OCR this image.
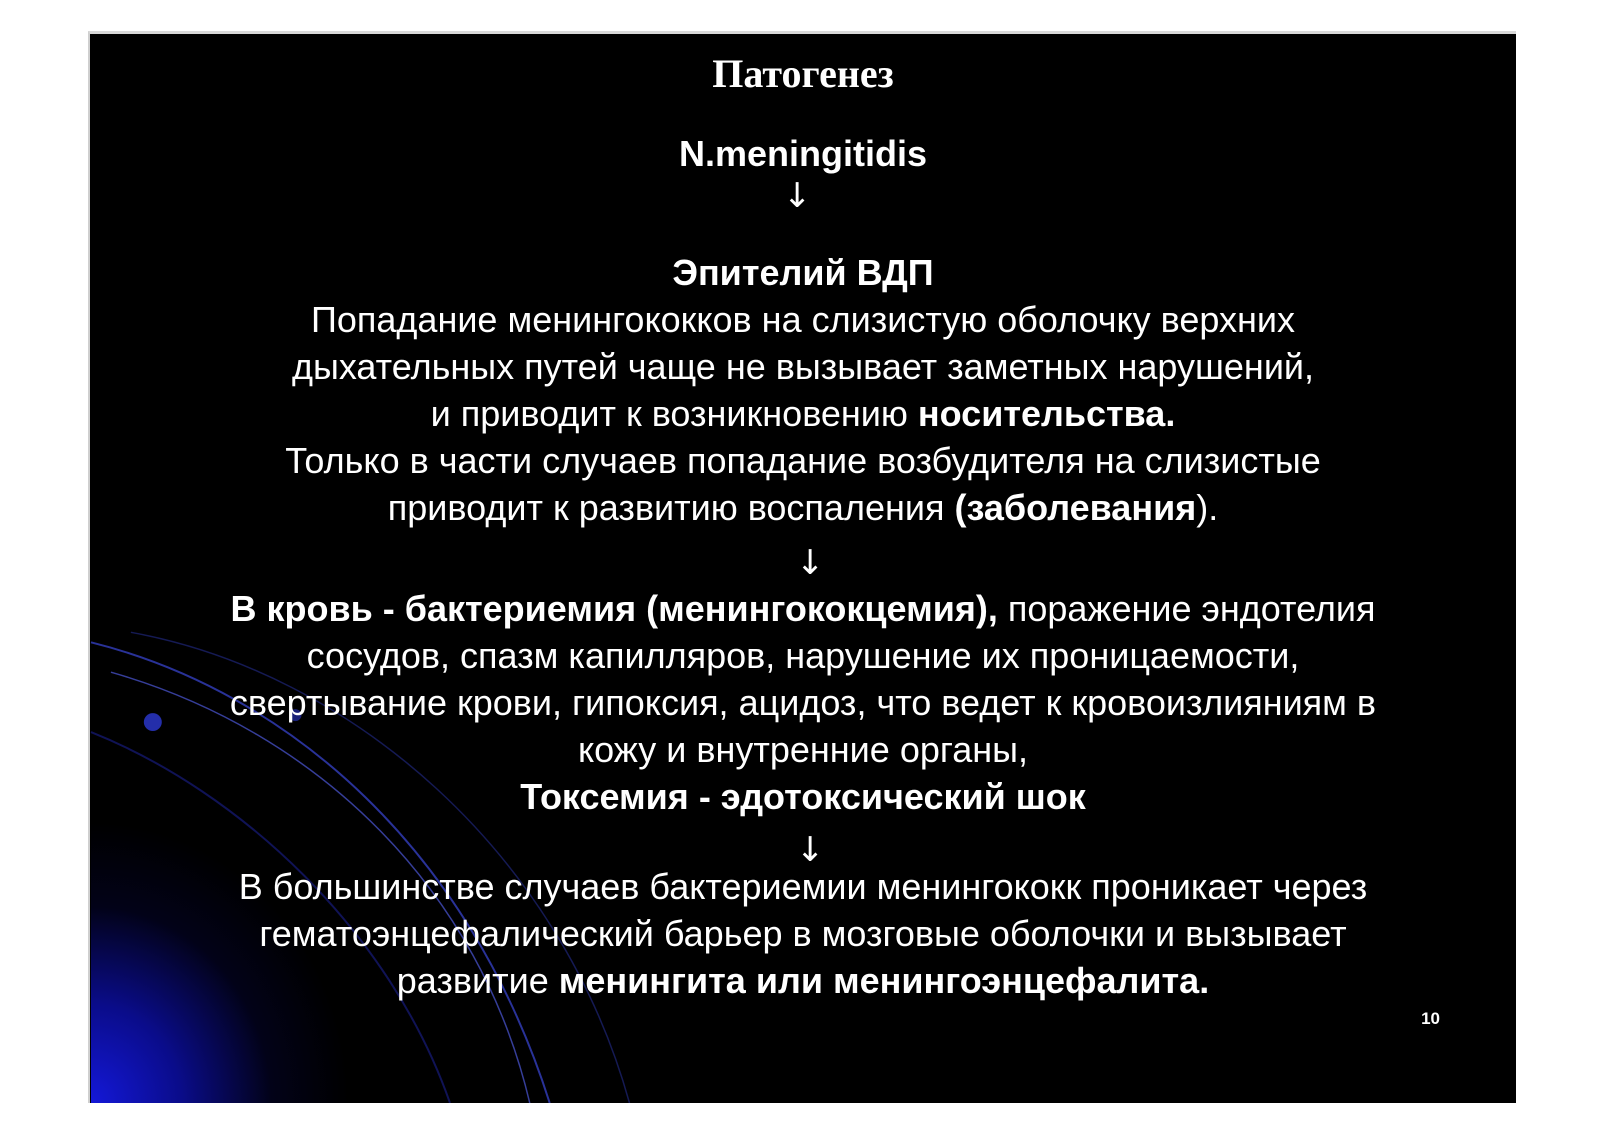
Патогенез
N.meningitidis
↓
Эпителий ВДП
Попадание менингококков на слизистую оболочку верхних
дыхательных путей чаще не вызывает заметных нарушений,
и приводит к возникновению носительства.
Только в части случаев попадание возбудителя на слизистые
приводит к развитию воспаления (заболевания).
↓
В кровь - бактериемия (менингококцемия), поражение эндотелия
сосудов, спазм капилляров, нарушение их проницаемости,
свертывание крови, гипоксия, ацидоз, что ведет к кровоизлияниям в
кожу и внутренние органы,
Токсемия - эдотоксический шок
↓
В большинстве случаев бактериемии менингококк проникает через
гематоэнцефалический барьер в мозговые оболочки и вызывает
развитие менингита или менингоэнцефалита.
10
